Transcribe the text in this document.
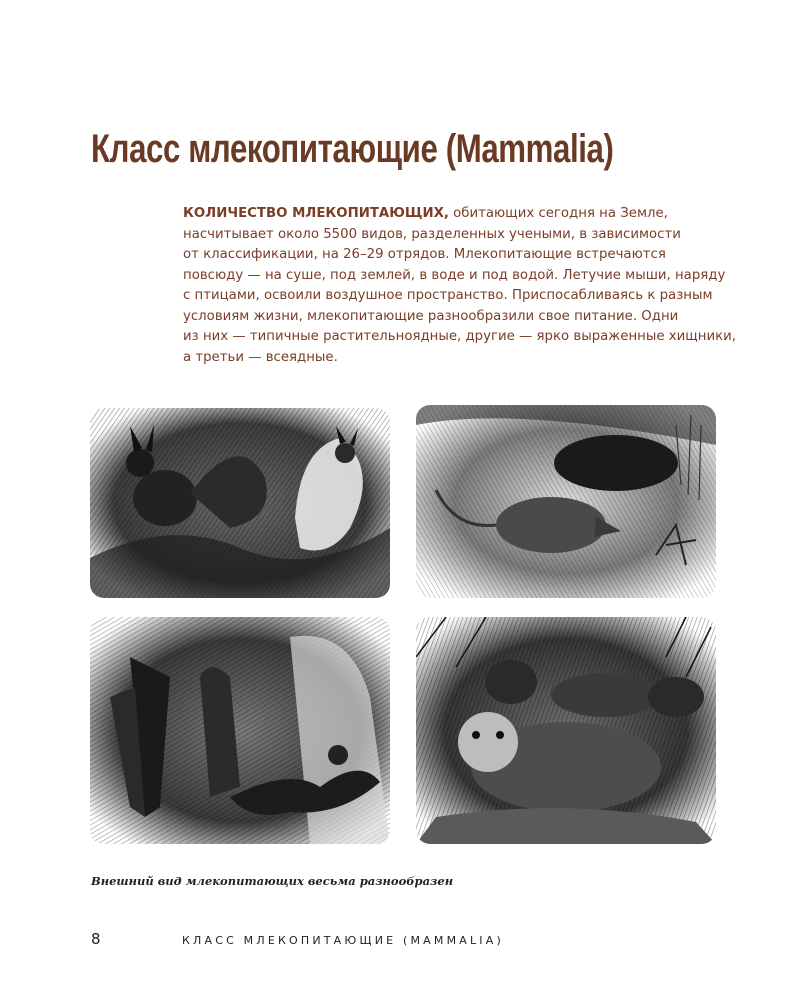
Класс млекопитающие (Mammalia)
КОЛИЧЕСТВО МЛЕКОПИТАЮЩИХ, обитающих сегодня на Земле,
насчитывает около 5500 видов, разделенных учеными, в зависимости
от классификации, на 26–29 отрядов. Млекопитающие встречаются
повсюду — на суше, под землей, в воде и под водой. Летучие мыши, наряду
с птицами, освоили воздушное пространство. Приспосабливаясь к разным
условиям жизни, млекопитающие разнообразили свое питание. Одни
из них — типичные растительноядные, другие — ярко выраженные хищники,
а третьи — всеядные.
Внешний вид млекопитающих весьма разнообразен
8	КЛАСС МЛЕКОПИТАЮЩИЕ (MAMMALIA)
